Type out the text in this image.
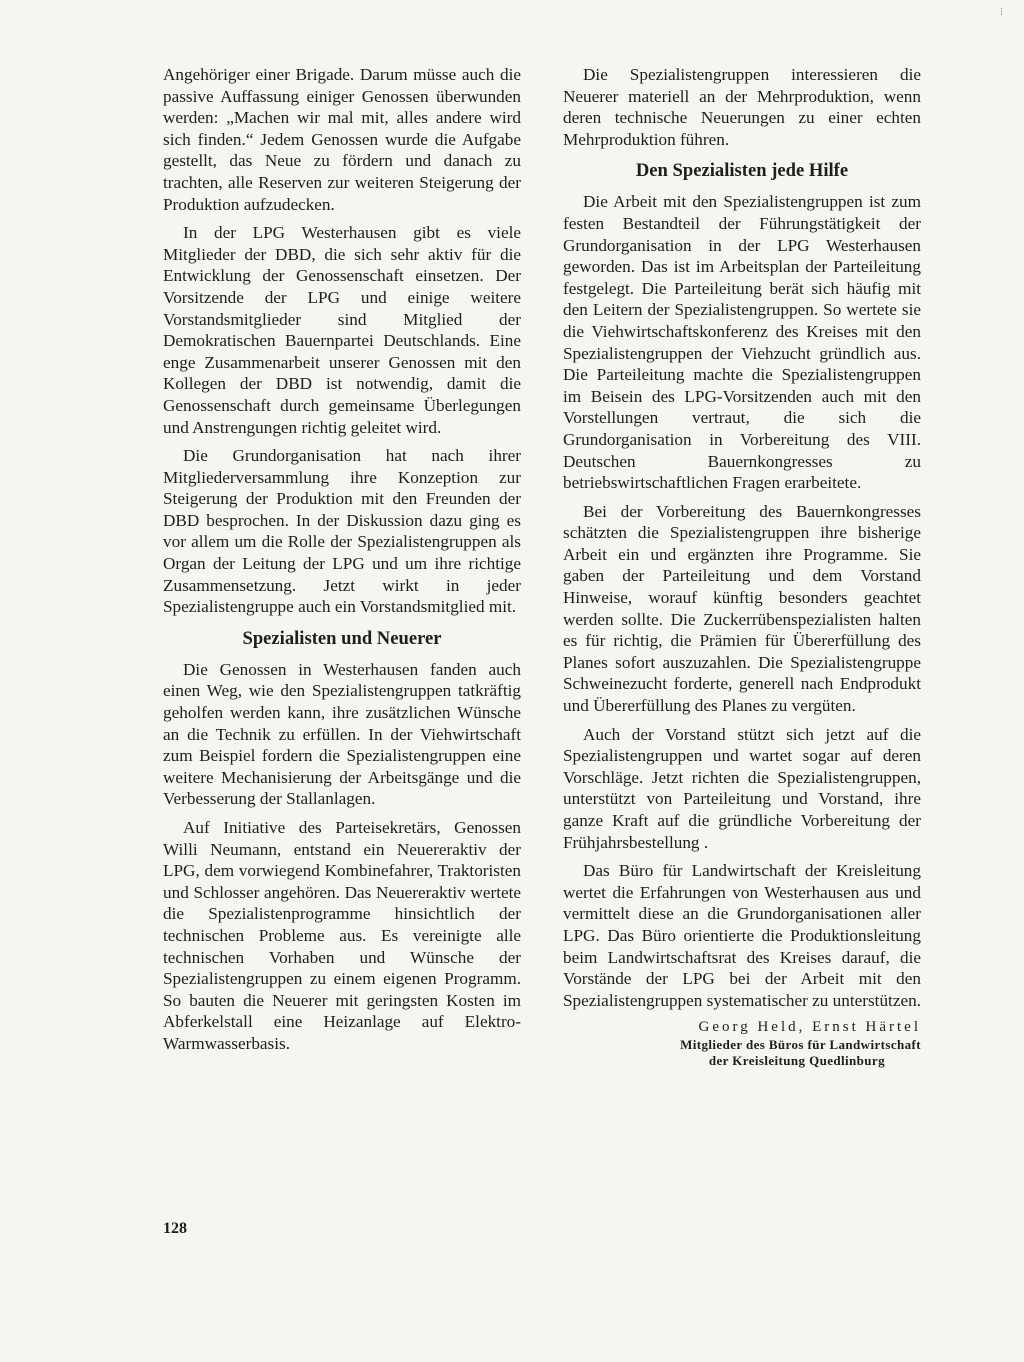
Angehöriger einer Brigade. Darum müsse auch die passive Auffassung einiger Genossen überwunden werden: „Machen wir mal mit, alles andere wird sich finden.“ Jedem Genossen wurde die Aufgabe gestellt, das Neue zu fördern und danach zu trachten, alle Reserven zur weiteren Steigerung der Produktion aufzudecken.

In der LPG Westerhausen gibt es viele Mitglieder der DBD, die sich sehr aktiv für die Entwicklung der Genossenschaft einsetzen. Der Vorsitzende der LPG und einige weitere Vorstandsmitglieder sind Mitglied der Demokratischen Bauernpartei Deutschlands. Eine enge Zusammenarbeit unserer Genossen mit den Kollegen der DBD ist notwendig, damit die Genossenschaft durch gemeinsame Überlegungen und Anstrengungen richtig geleitet wird.

Die Grundorganisation hat nach ihrer Mitgliederversammlung ihre Konzeption zur Steigerung der Produktion mit den Freunden der DBD besprochen. In der Diskussion dazu ging es vor allem um die Rolle der Spezialistengruppen als Organ der Leitung der LPG und um ihre richtige Zusammensetzung. Jetzt wirkt in jeder Spezialistengruppe auch ein Vorstandsmitglied mit.

Spezialisten und Neuerer

Die Genossen in Westerhausen fanden auch einen Weg, wie den Spezialistengruppen tatkräftig geholfen werden kann, ihre zusätzlichen Wünsche an die Technik zu erfüllen. In der Viehwirtschaft zum Beispiel fordern die Spezialistengruppen eine weitere Mechanisierung der Arbeitsgänge und die Verbesserung der Stallanlagen.

Auf Initiative des Parteisekretärs, Genossen Willi Neumann, entstand ein Neuereraktiv der LPG, dem vorwiegend Kombinefahrer, Traktoristen und Schlosser angehören. Das Neuereraktiv wertete die Spezialistenprogramme hinsichtlich der technischen Probleme aus. Es vereinigte alle technischen Vorhaben und Wünsche der Spezialistengruppen zu einem eigenen Programm. So bauten die Neuerer mit geringsten Kosten im Abferkelstall eine Heizanlage auf Elektro-Warmwasserbasis.

Die Spezialistengruppen interessieren die Neuerer materiell an der Mehrproduktion, wenn deren technische Neuerungen zu einer echten Mehrproduktion führen.

Den Spezialisten jede Hilfe

Die Arbeit mit den Spezialistengruppen ist zum festen Bestandteil der Führungstätigkeit der Grundorganisation in der LPG Westerhausen geworden. Das ist im Arbeitsplan der Parteileitung festgelegt. Die Parteileitung berät sich häufig mit den Leitern der Spezialistengruppen. So wertete sie die Viehwirtschaftskonferenz des Kreises mit den Spezialistengruppen der Viehzucht gründlich aus. Die Parteileitung machte die Spezialistengruppen im Beisein des LPG-Vorsitzenden auch mit den Vorstellungen vertraut, die sich die Grundorganisation in Vorbereitung des VIII. Deutschen Bauernkongresses zu betriebswirtschaftlichen Fragen erarbeitete.

Bei der Vorbereitung des Bauernkongresses schätzten die Spezialistengruppen ihre bisherige Arbeit ein und ergänzten ihre Programme. Sie gaben der Parteileitung und dem Vorstand Hinweise, worauf künftig besonders geachtet werden sollte. Die Zuckerrübenspezialisten halten es für richtig, die Prämien für Übererfüllung des Planes sofort auszuzahlen. Die Spezialistengruppe Schweinezucht forderte, generell nach Endprodukt und Übererfüllung des Planes zu vergüten.

Auch der Vorstand stützt sich jetzt auf die Spezialistengruppen und wartet sogar auf deren Vorschläge. Jetzt richten die Spezialistengruppen, unterstützt von Parteileitung und Vorstand, ihre ganze Kraft auf die gründliche Vorbereitung der Frühjahrsbestellung .

Das Büro für Landwirtschaft der Kreisleitung wertet die Erfahrungen von Westerhausen aus und vermittelt diese an die Grundorganisationen aller LPG. Das Büro orientierte die Produktionsleitung beim Landwirtschaftsrat des Kreises darauf, die Vorstände der LPG bei der Arbeit mit den Spezialistengruppen systematischer zu unterstützen.

Georg Held, Ernst Härtel
Mitglieder des Büros für Landwirtschaft
der Kreisleitung Quedlinburg
128
⁞
